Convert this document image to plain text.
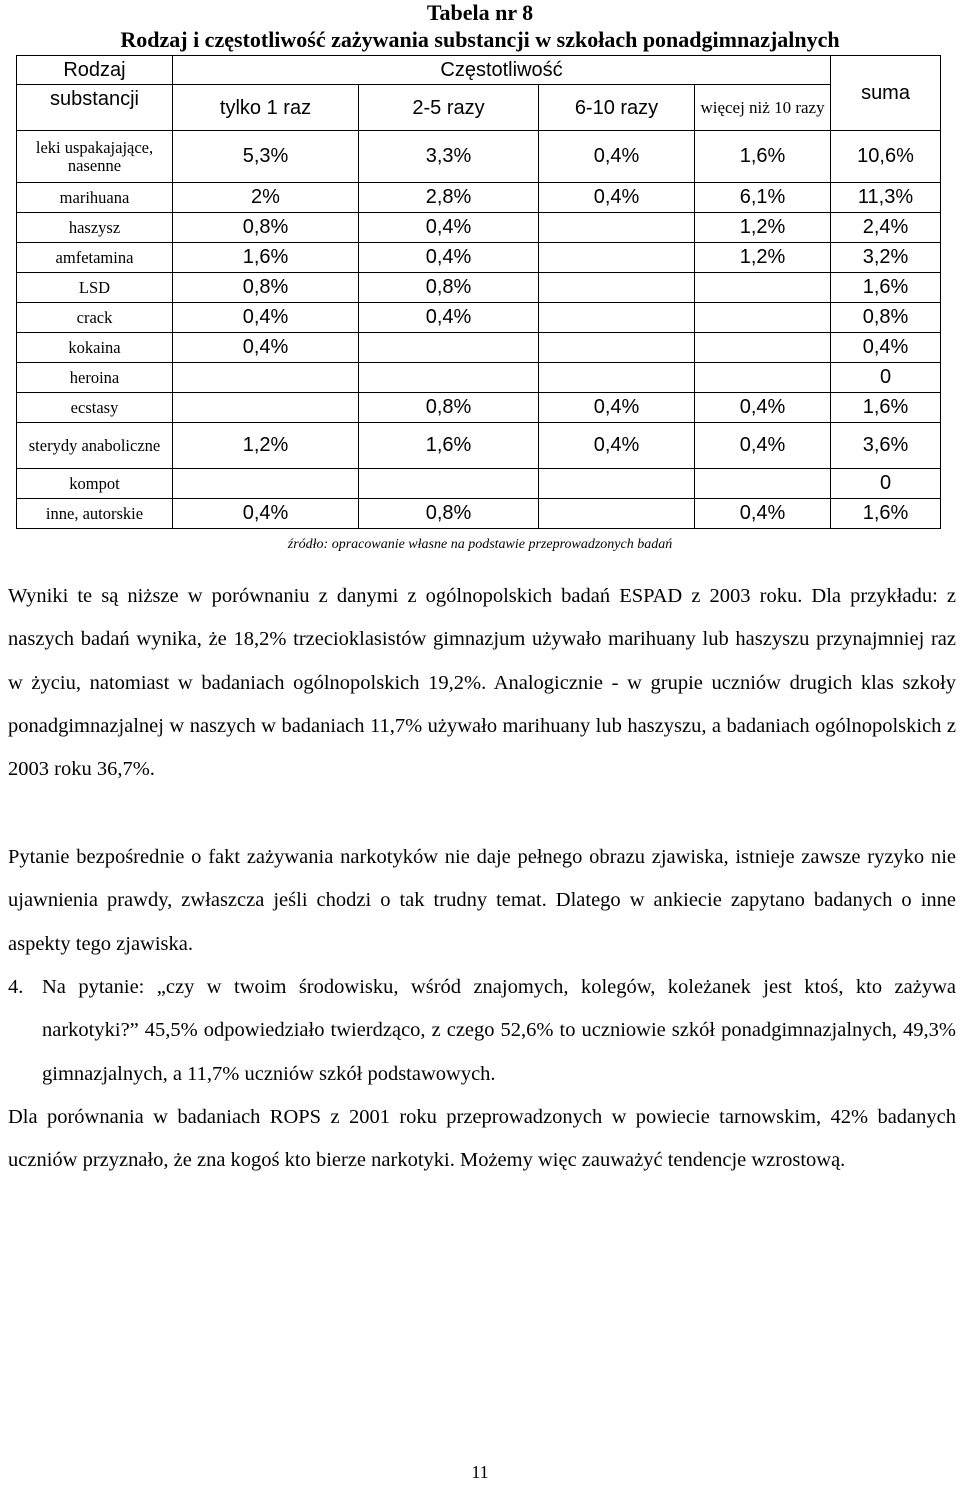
Tabela nr 8
Rodzaj i częstotliwość zażywania substancji w szkołach ponadgimnazjalnych
Rodzaj	Częstotliwość				suma
substancji	tylko 1 raz	2-5 razy	6-10 razy	więcej niż 10 razy	
leki uspakajające, nasenne	5,3%	3,3%	0,4%	1,6%	10,6%
marihuana	2%	2,8%	0,4%	6,1%	11,3%
haszysz	0,8%	0,4%		1,2%	2,4%
amfetamina	1,6%	0,4%		1,2%	3,2%
LSD	0,8%	0,8%			1,6%
crack	0,4%	0,4%			0,8%
kokaina	0,4%				0,4%
heroina					0
ecstasy		0,8%	0,4%	0,4%	1,6%
sterydy anaboliczne	1,2%	1,6%	0,4%	0,4%	3,6%
kompot					0
inne, autorskie	0,4%	0,8%		0,4%	1,6%
źródło: opracowanie własne na podstawie przeprowadzonych badań

Wyniki te są niższe w porównaniu z danymi z ogólnopolskich badań ESPAD z 2003 roku. Dla przykładu: z naszych badań wynika, że 18,2% trzecioklasistów gimnazjum używało marihuany lub haszyszu przynajmniej raz w życiu, natomiast w badaniach ogólnopolskich 19,2%. Analogicznie - w grupie uczniów drugich klas szkoły ponadgimnazjalnej w naszych w badaniach 11,7% używało marihuany lub haszyszu, a badaniach ogólnopolskich z 2003 roku 36,7%.

Pytanie bezpośrednie o fakt zażywania narkotyków nie daje pełnego obrazu zjawiska, istnieje zawsze ryzyko nie ujawnienia prawdy, zwłaszcza jeśli chodzi o tak trudny temat. Dlatego w ankiecie zapytano badanych o inne aspekty tego zjawiska.

4. Na pytanie: „czy w twoim środowisku, wśród znajomych, kolegów, koleżanek jest ktoś, kto zażywa narkotyki?” 45,5% odpowiedziało twierdząco, z czego 52,6% to uczniowie szkół ponadgimnazjalnych, 49,3% gimnazjalnych, a 11,7% uczniów szkół podstawowych.

Dla porównania w badaniach ROPS z 2001 roku przeprowadzonych w powiecie tarnowskim, 42% badanych uczniów przyznało, że zna kogoś kto bierze narkotyki. Możemy więc zauważyć tendencje wzrostową.

11
